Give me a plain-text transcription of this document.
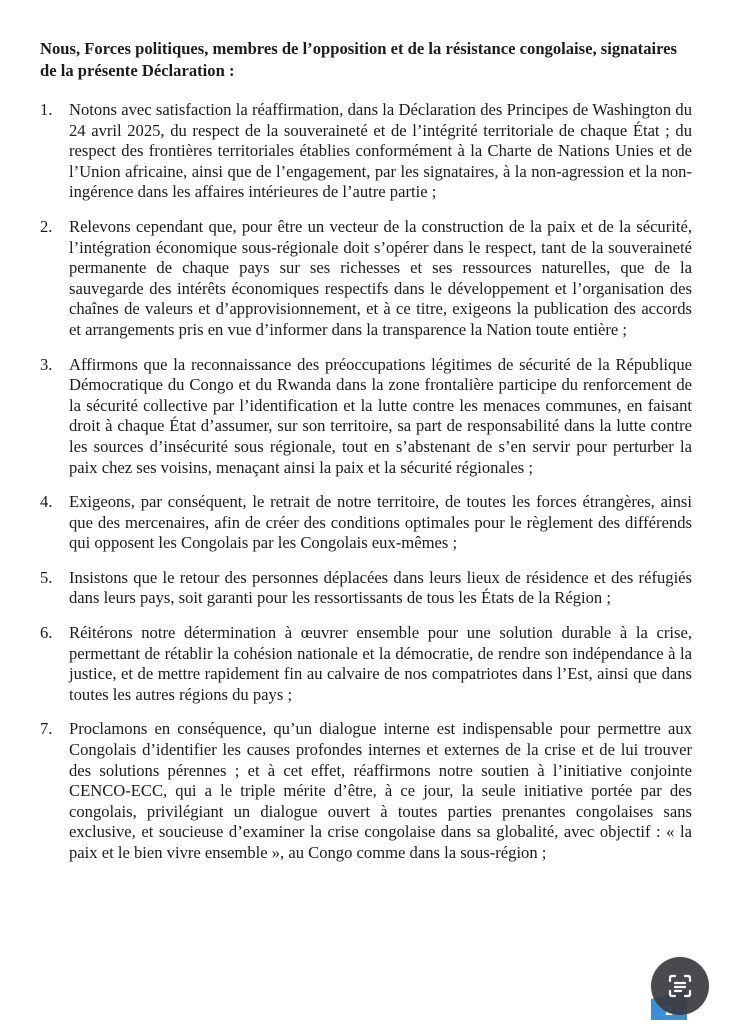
Nous, Forces politiques, membres de l’opposition et de la résistance congolaise, signataires de la présente Déclaration :

1. Notons avec satisfaction la réaffirmation, dans la Déclaration des Principes de Washington du 24 avril 2025, du respect de la souveraineté et de l’intégrité territoriale de chaque État ; du respect des frontières territoriales établies conformément à la Charte de Nations Unies et de l’Union africaine, ainsi que de l’engagement, par les signataires, à la non-agression et la non-ingérence dans les affaires intérieures de l’autre partie ;
2. Relevons cependant que, pour être un vecteur de la construction de la paix et de la sécurité, l’intégration économique sous-régionale doit s’opérer dans le respect, tant de la souveraineté permanente de chaque pays sur ses richesses et ses ressources naturelles, que de la sauvegarde des intérêts économiques respectifs dans le développement et l’organisation des chaînes de valeurs et d’approvisionnement, et à ce titre, exigeons la publication des accords et arrangements pris en vue d’informer dans la transparence la Nation toute entière ;
3. Affirmons que la reconnaissance des préoccupations légitimes de sécurité de la République Démocratique du Congo et du Rwanda dans la zone frontalière participe du renforcement de la sécurité collective par l’identification et la lutte contre les menaces communes, en faisant droit à chaque État d’assumer, sur son territoire, sa part de responsabilité dans la lutte contre les sources d’insécurité sous régionale, tout en s’abstenant de s’en servir pour perturber la paix chez ses voisins, menaçant ainsi la paix et la sécurité régionales ;
4. Exigeons, par conséquent, le retrait de notre territoire, de toutes les forces étrangères, ainsi que des mercenaires, afin de créer des conditions optimales pour le règlement des différends qui opposent les Congolais par les Congolais eux-mêmes ;
5. Insistons que le retour des personnes déplacées dans leurs lieux de résidence et des réfugiés dans leurs pays, soit garanti pour les ressortissants de tous les États de la Région ;
6. Réitérons notre détermination à œuvrer ensemble pour une solution durable à la crise, permettant de rétablir la cohésion nationale et la démocratie, de rendre son indépendance à la justice, et de mettre rapidement fin au calvaire de nos compatriotes dans l’Est, ainsi que dans toutes les autres régions du pays ;
7. Proclamons en conséquence, qu’un dialogue interne est indispensable pour permettre aux Congolais d’identifier les causes profondes internes et externes de la crise et de lui trouver des solutions pérennes ; et à cet effet, réaffirmons notre soutien à l’initiative conjointe CENCO-ECC, qui a le triple mérite d’être, à ce jour, la seule initiative portée par des congolais, privilégiant un dialogue ouvert à toutes parties prenantes congolaises sans exclusive, et soucieuse d’examiner la crise congolaise dans sa globalité, avec objectif : « la paix et le bien vivre ensemble », au Congo comme dans la sous-région ;
